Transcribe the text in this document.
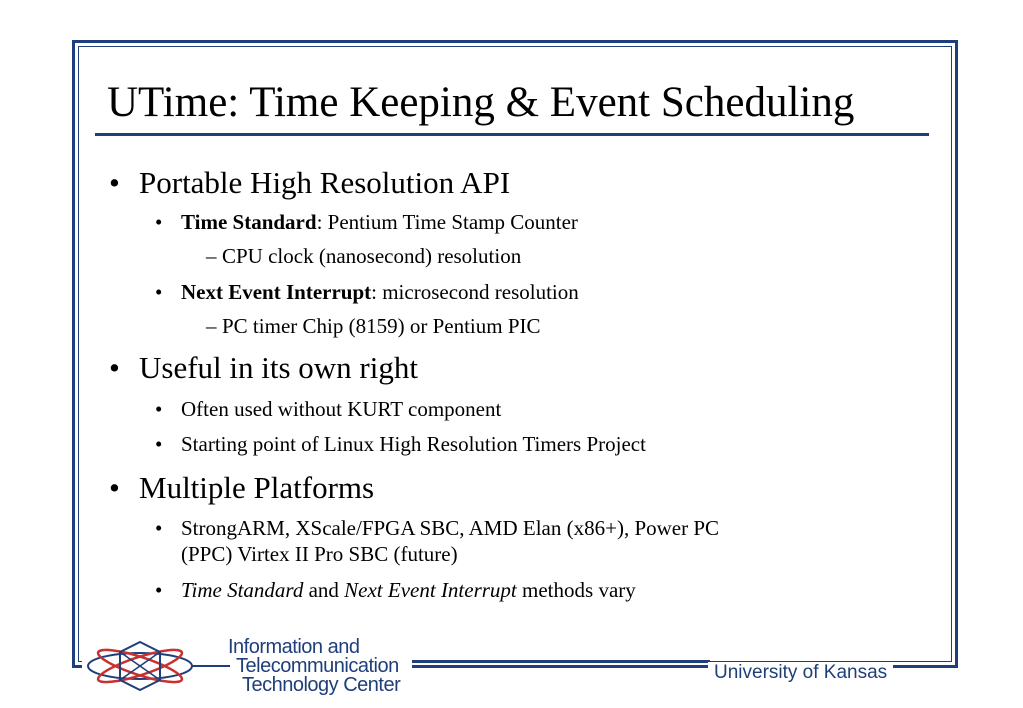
UTime: Time Keeping & Event Scheduling
• Portable High Resolution API
• Time Standard: Pentium Time Stamp Counter
– CPU clock (nanosecond) resolution
• Next Event Interrupt: microsecond resolution
– PC timer Chip (8159) or Pentium PIC
• Useful in its own right
• Often used without KURT component
• Starting point of Linux High Resolution Timers Project
• Multiple Platforms
• StrongARM, XScale/FPGA SBC, AMD Elan (x86+), Power PC
(PPC) Virtex II Pro SBC (future)
• Time Standard and Next Event Interrupt methods vary
Information and
Telecommunication
Technology Center
University of Kansas
